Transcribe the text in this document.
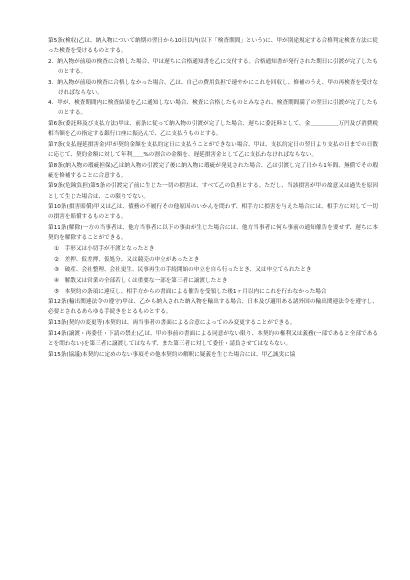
第5条(検収)乙は、納入物について納期の翌日から10日以内(以下「検査期間」という)に、甲が別途規定する合格判定検査方法に従った検査を受けるものとする。

2．納入物が前項の検査に合格した場合、甲は遅ちに合格通知書を乙に交付する。合格通知書が発行された期日に引渡が完了したものとする。

3．納入物が前項の検査に合格しなかった場合、乙は、自己の費用負担で速やかにこれを回収し、修補のうえ、甲の再検査を受けなければならない。

4．甲が、検査期間内に検査結果を乙に通知しない場合、検査に合格したものとみなされ、検査期間満了の翌日に引渡が完了したものとする。

第6条(委託料及び支払方法)甲は、前条に従って納入物の引渡が完了した場合、遅ちに委託料として、金＿＿＿＿＿万円及び消費税相当額を乙の指定する銀行口座に振込んで、乙に支払うものとする。

第7条(支払遅延損害金)甲が契約金額を支払約定日に支払うことができない場合、甲は、支払約定日の翌日より支払の日までの日数に応じて、契約金額に対して年利＿＿%の割合の金額を、遅延損害金として乙に支払わなければならない。

第8条(納入物の瑕疵担保)乙は納入物の引渡完了後に納入物に瑕疵が発見された場合、乙は引渡し完了日から1年間、無償でその瑕疵を修補することに合意する。

第9条(危険負担)第5条の引渡完了前に生じた一切の損害は、すべて乙の負担とする。ただし、当該損害が甲の故意又は過失を原因として生じた場合は、この限りでない。

第10条(損害賠償)甲又は乙は、債務の不履行その他原因のいかんを問わず、相手方に損害を与えた場合には、相手方に対して一切の損害を賠償するものとする。

第11条(解除)一方の当事者は、他方当事者に以下の事由が生じた場合には、他方当事者に何ら事前の通知催告を要せず、遅ちに本契約を解除することができる。

①　手形又は小切手が不渡となったとき

②　差押、仮差押、仮処分、又は競売の申立があったとき

③　破産、会社整理、会社更生、民事再生の手続開始の申立を自ら行ったとき、又は申立てられたとき

④　解散又は営業の全部若しくは重要な一部を第三者に譲渡したとき

⑤　本契約の条項に違反し、相手方からの書面による催告を受領した後1ヶ月以内にこれを行わなかった場合

第12条(輸出関連法令の遵守)甲は、乙から納入された納入物を輸出する場合、日本及び適用ある諸外国の輸出関連法令を遵守し、必要とされるあらゆる手続きをとるものとする。

第13条(契約の変更等)本契約は、両当事者の書面による合意によってのみ変更することができる。

第14条(譲渡・再委任・下請の禁止)乙は、甲の事前の書面による同意がない限り、本契約の権利又は義務(一部であると全部であるとを問わない)を第三者に譲渡してはならず、また第三者に対して委任・請負させてはならない。

第15条(協議)本契約に定めのない事項その他本契約の解釈に疑義を生じた場合には、甲乙誠実に協
